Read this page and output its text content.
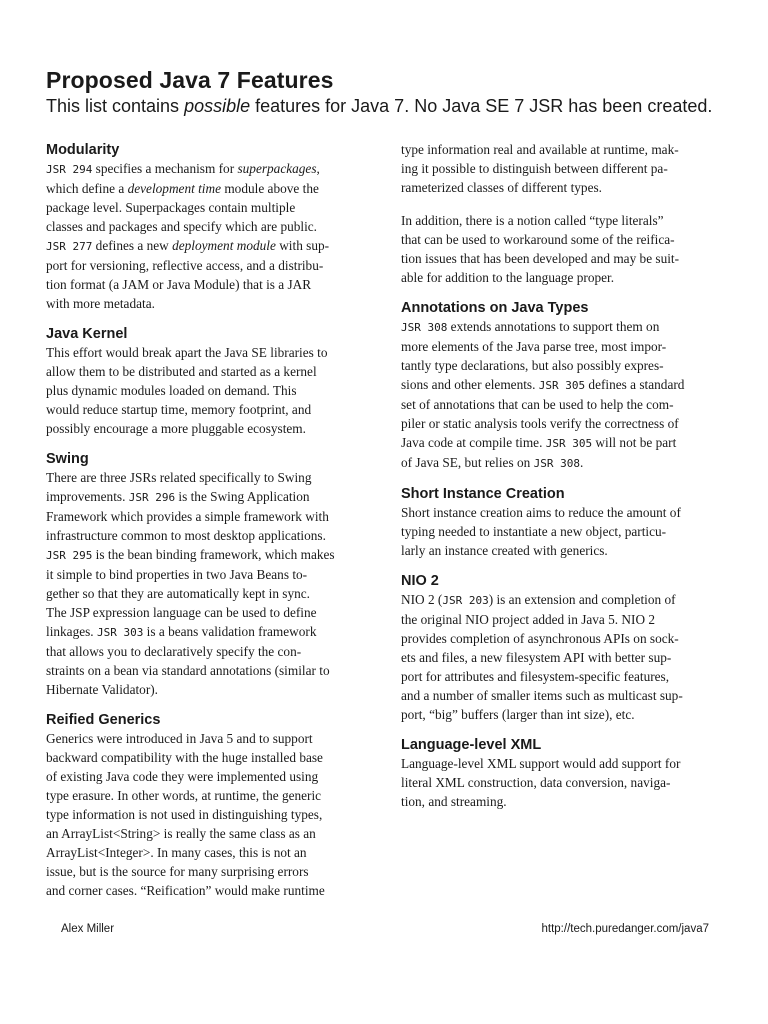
Proposed Java 7 Features

This list contains possible features for Java 7. No Java SE 7 JSR has been created.

Modularity
JSR 294 specifies a mechanism for superpackages,
which define a development time module above the
package level. Superpackages contain multiple
classes and packages and specify which are public.
JSR 277 defines a new deployment module with sup-
port for versioning, reflective access, and a distribu-
tion format (a JAM or Java Module) that is a JAR
with more metadata.
Java Kernel
This effort would break apart the Java SE libraries to
allow them to be distributed and started as a kernel
plus dynamic modules loaded on demand. This
would reduce startup time, memory footprint, and
possibly encourage a more pluggable ecosystem.
Swing
There are three JSRs related specifically to Swing
improvements. JSR 296 is the Swing Application
Framework which provides a simple framework with
infrastructure common to most desktop applications.
JSR 295 is the bean binding framework, which makes
it simple to bind properties in two Java Beans to-
gether so that they are automatically kept in sync.
The JSP expression language can be used to define
linkages. JSR 303 is a beans validation framework
that allows you to declaratively specify the con-
straints on a bean via standard annotations (similar to
Hibernate Validator).
Reified Generics
Generics were introduced in Java 5 and to support
backward compatibility with the huge installed base
of existing Java code they were implemented using
type erasure. In other words, at runtime, the generic
type information is not used in distinguishing types,
an ArrayList<String> is really the same class as an
ArrayList<Integer>. In many cases, this is not an
issue, but is the source for many surprising errors
and corner cases. “Reification” would make runtime
type information real and available at runtime, mak-
ing it possible to distinguish between different pa-
rameterized classes of different types.
In addition, there is a notion called “type literals”
that can be used to workaround some of the reifica-
tion issues that has been developed and may be suit-
able for addition to the language proper.
Annotations on Java Types
JSR 308 extends annotations to support them on
more elements of the Java parse tree, most impor-
tantly type declarations, but also possibly expres-
sions and other elements. JSR 305 defines a standard
set of annotations that can be used to help the com-
piler or static analysis tools verify the correctness of
Java code at compile time. JSR 305 will not be part
of Java SE, but relies on JSR 308.
Short Instance Creation
Short instance creation aims to reduce the amount of
typing needed to instantiate a new object, particu-
larly an instance created with generics.
NIO 2
NIO 2 (JSR 203) is an extension and completion of
the original NIO project added in Java 5. NIO 2
provides completion of asynchronous APIs on sock-
ets and files, a new filesystem API with better sup-
port for attributes and filesystem-specific features,
and a number of smaller items such as multicast sup-
port, “big” buffers (larger than int size), etc.
Language-level XML
Language-level XML support would add support for
literal XML construction, data conversion, naviga-
tion, and streaming.
Alex Miller	http://tech.puredanger.com/java7
